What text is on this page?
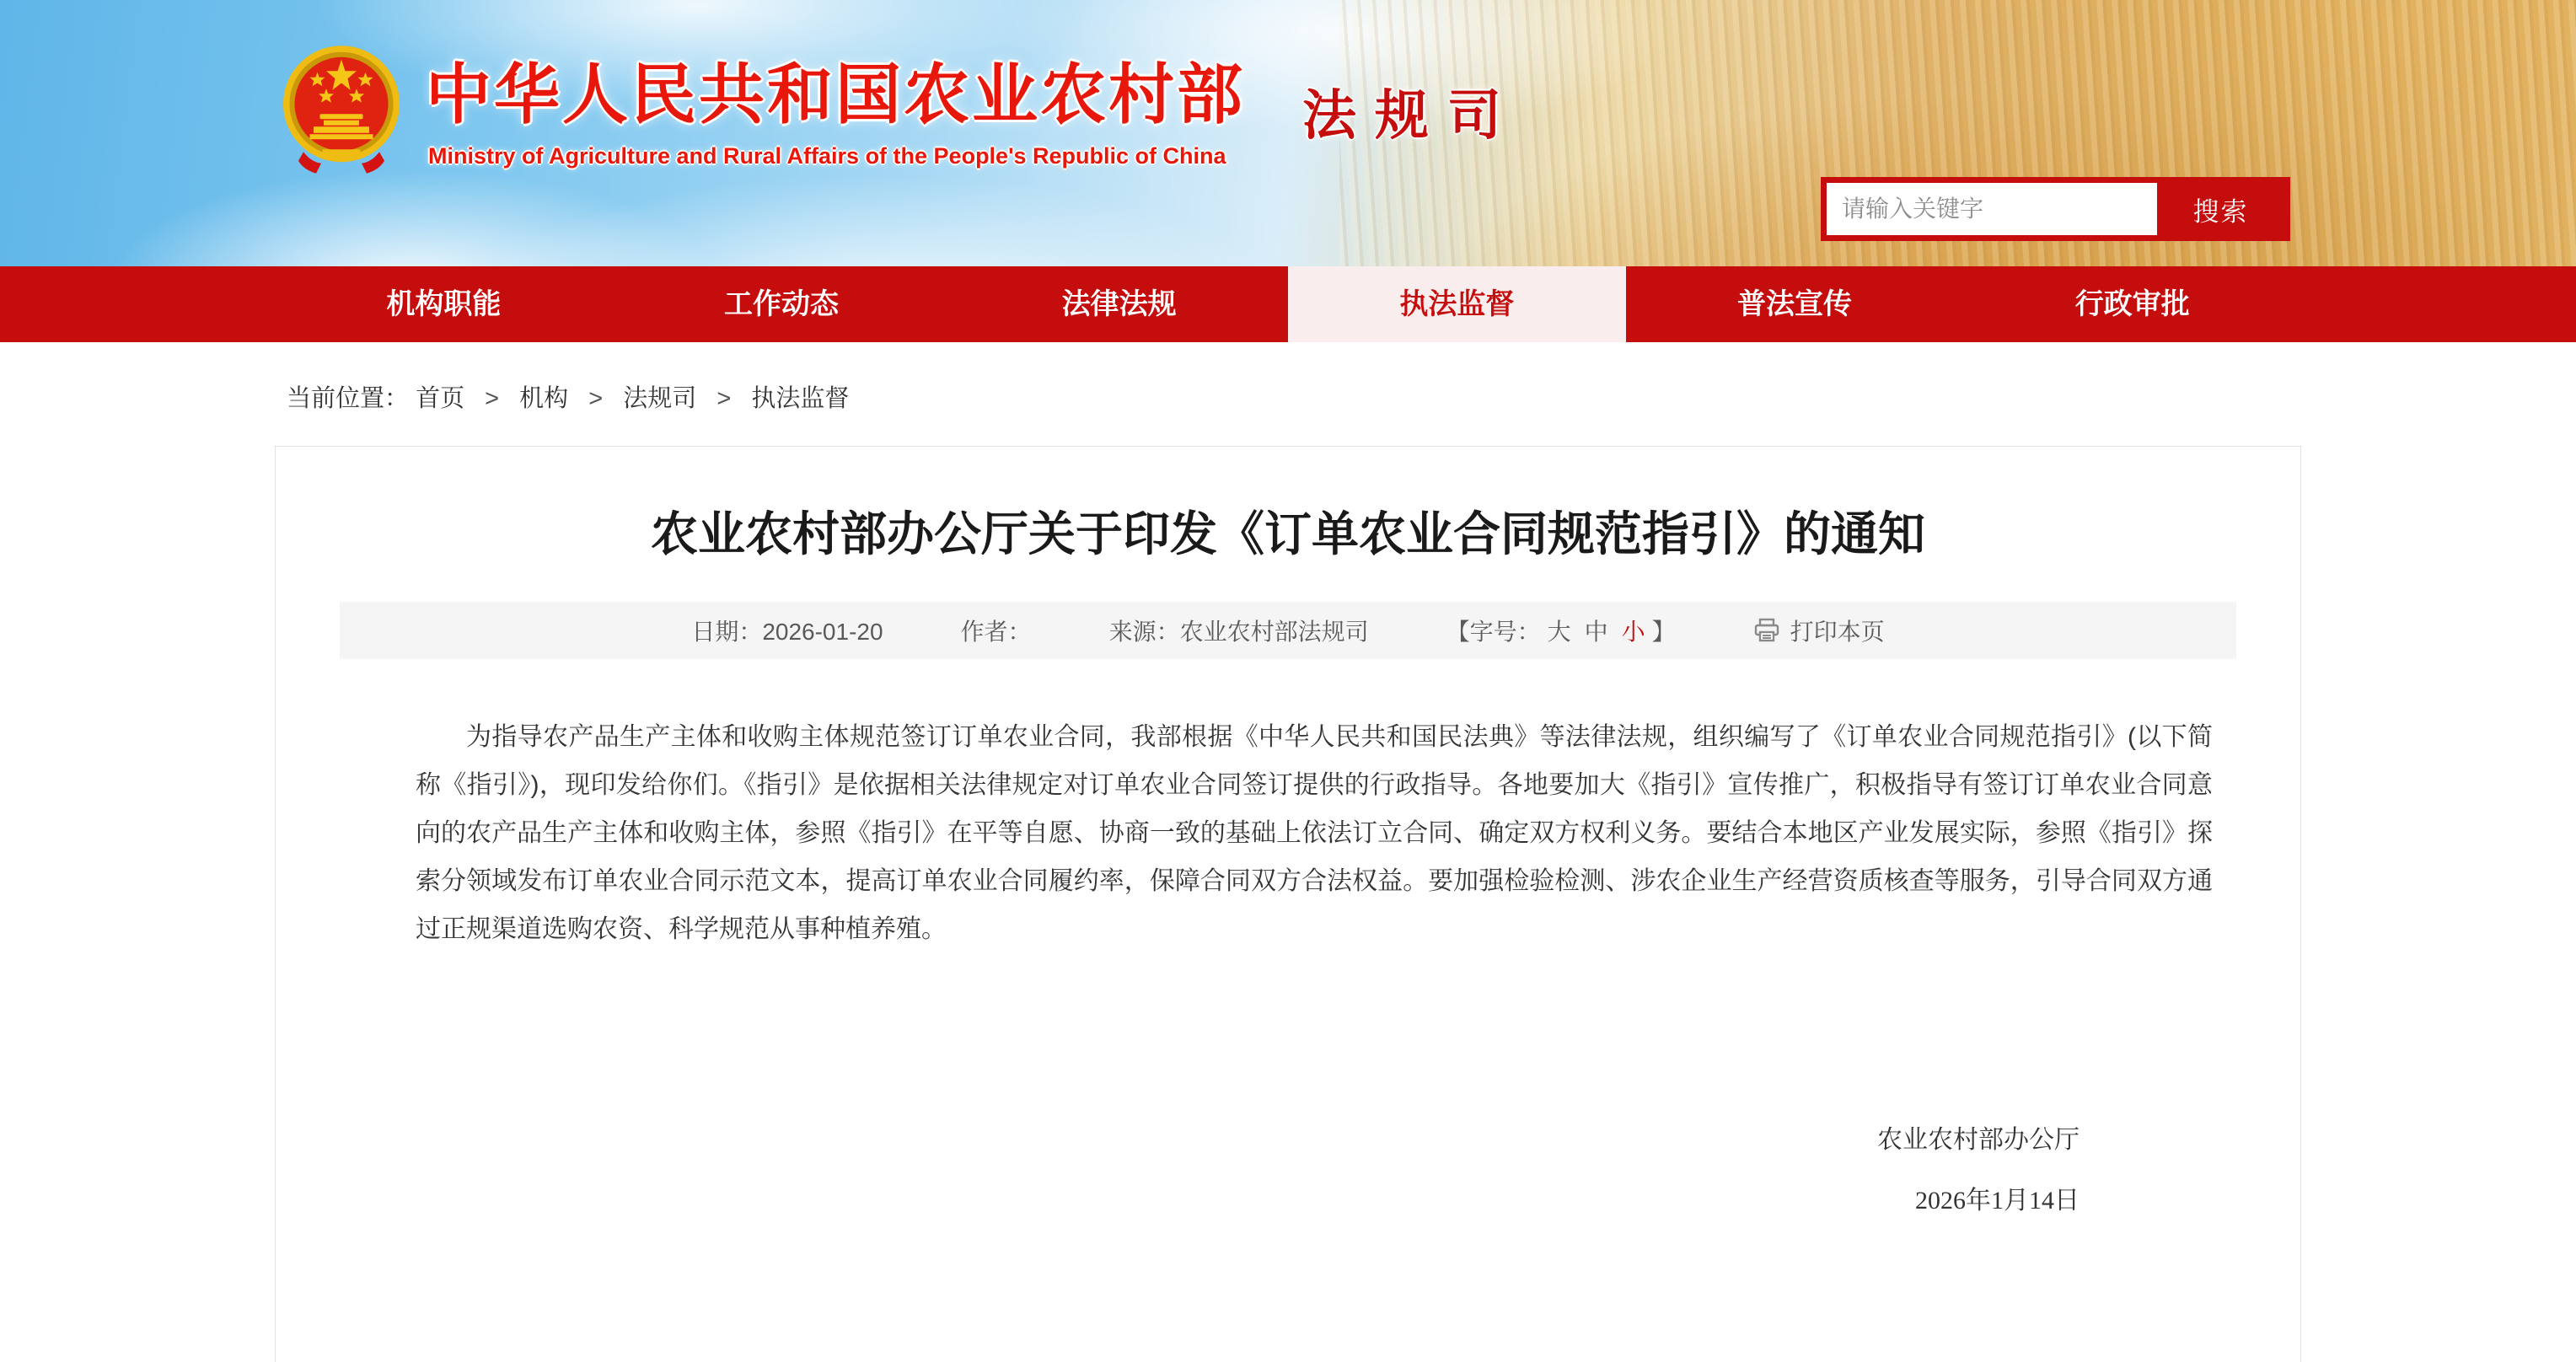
中华人民共和国农业农村部
Ministry of Agriculture and Rural Affairs of the People's Republic of China
法规司
请输入关键字
搜索
机构职能	工作动态	法律法规	执法监督	普法宣传	行政审批
当前位置： 首页 > 机构 > 法规司 > 执法监督
农业农村部办公厅关于印发《订单农业合同规范指引》的通知
日期：2026-01-20	作者：	来源：农业农村部法规司	【字号： 大 中 小 】	打印本页
为指导农产品生产主体和收购主体规范签订订单农业合同，我部根据《中华人民共和国民法典》等法律法规，组织编写了《订单农业合同规范指引》(以下简称《指引》)，现印发给你们。《指引》是依据相关法律规定对订单农业合同签订提供的行政指导。各地要加大《指引》宣传推广，积极指导有签订订单农业合同意向的农产品生产主体和收购主体，参照《指引》在平等自愿、协商一致的基础上依法订立合同、确定双方权利义务。要结合本地区产业发展实际，参照《指引》探索分领域发布订单农业合同示范文本，提高订单农业合同履约率，保障合同双方合法权益。要加强检验检测、涉农企业生产经营资质核查等服务，引导合同双方通过正规渠道选购农资、科学规范从事种植养殖。
农业农村部办公厅
2026年1月14日
